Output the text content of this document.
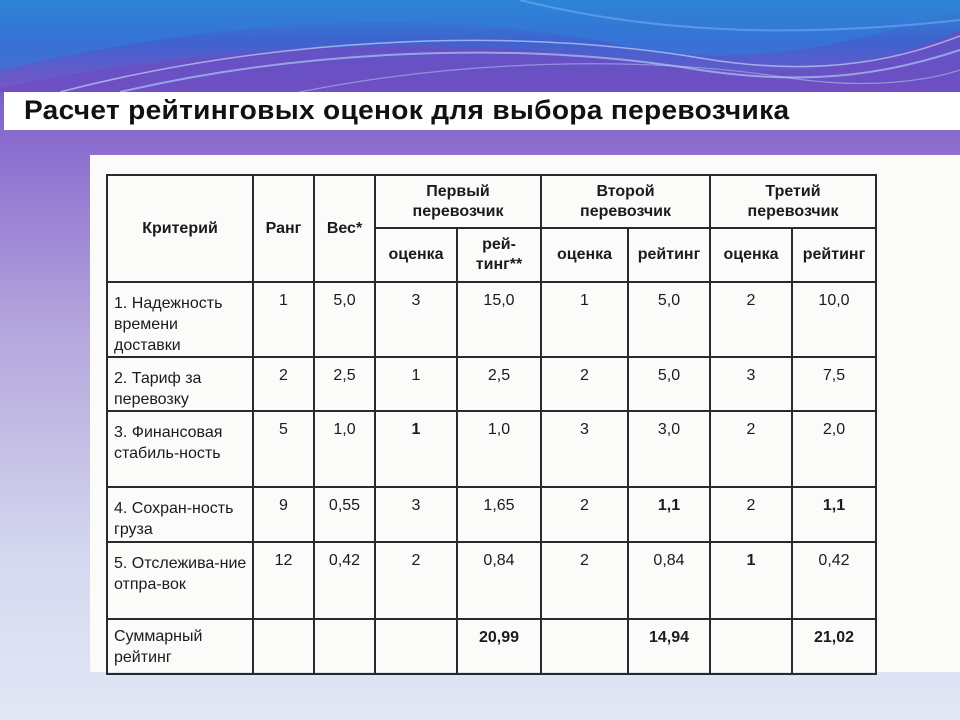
Расчет рейтинговых оценок для выбора перевозчика
Критерий	Ранг	Вес*	Первый перевозчик		Второй перевозчик		Третий перевозчик	
			оценка	рей-тинг**	оценка	рейтинг	оценка	рейтинг
1. Надежность времени доставки	1	5,0	3	15,0	1	5,0	2	10,0
2. Тариф за перевозку	2	2,5	1	2,5	2	5,0	3	7,5
3. Финансовая стабиль-ность	5	1,0	1	1,0	3	3,0	2	2,0
4. Сохран-ность груза	9	0,55	3	1,65	2	1,1	2	1,1
5. Отслежива-ние отпра-вок	12	0,42	2	0,84	2	0,84	1	0,42
Суммарный рейтинг				20,99		14,94		21,02
